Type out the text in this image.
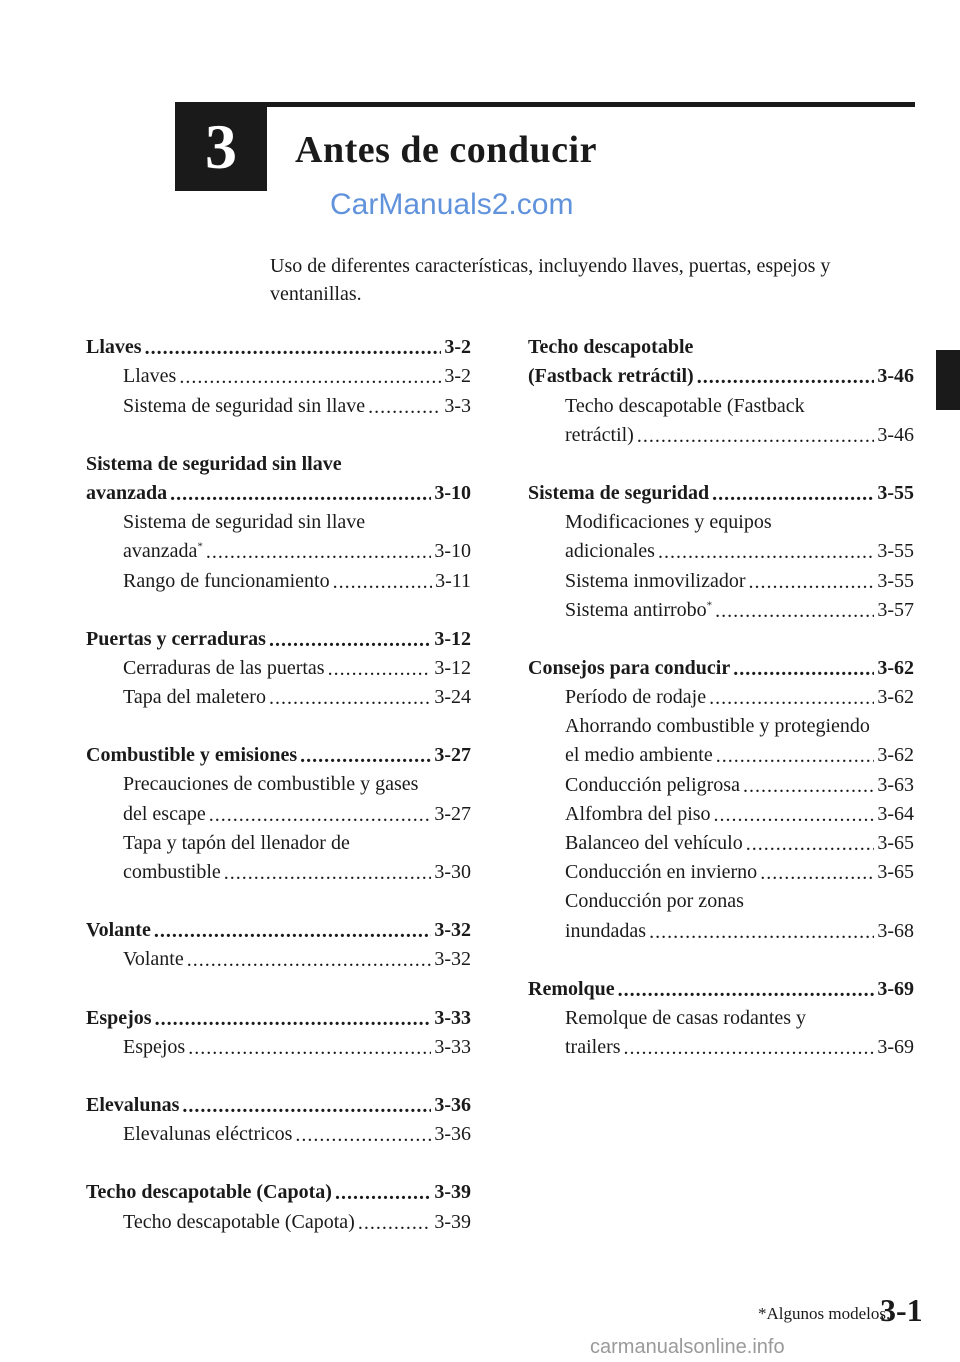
3 Antes de conducir
CarManuals2.com
Uso de diferentes características, incluyendo llaves, puertas, espejos y ventanillas.
Llaves .....	3-2
Llaves .....	3-2
Sistema de seguridad sin llave .....	3-3
Sistema de seguridad sin llave
avanzada .....	3-10
Sistema de seguridad sin llave
avanzada* .....	3-10
Rango de funcionamiento .....	3-11
Puertas y cerraduras .....	3-12
Cerraduras de las puertas .....	3-12
Tapa del maletero .....	3-24
Combustible y emisiones .....	3-27
Precauciones de combustible y gases
del escape .....	3-27
Tapa y tapón del llenador de
combustible .....	3-30
Volante .....	3-32
Volante .....	3-32
Espejos .....	3-33
Espejos .....	3-33
Elevalunas .....	3-36
Elevalunas eléctricos .....	3-36
Techo descapotable (Capota) .....	3-39
Techo descapotable (Capota) .....	3-39
Techo descapotable
(Fastback retráctil) .....	3-46
Techo descapotable (Fastback
retráctil) .....	3-46
Sistema de seguridad .....	3-55
Modificaciones y equipos
adicionales .....	3-55
Sistema inmovilizador .....	3-55
Sistema antirrobo* .....	3-57
Consejos para conducir .....	3-62
Período de rodaje .....	3-62
Ahorrando combustible y protegiendo
el medio ambiente .....	3-62
Conducción peligrosa .....	3-63
Alfombra del piso .....	3-64
Balanceo del vehículo .....	3-65
Conducción en invierno .....	3-65
Conducción por zonas
inundadas .....	3-68
Remolque .....	3-69
Remolque de casas rodantes y
trailers .....	3-69
*Algunos modelos.
3-1
carmanualsonline.info
